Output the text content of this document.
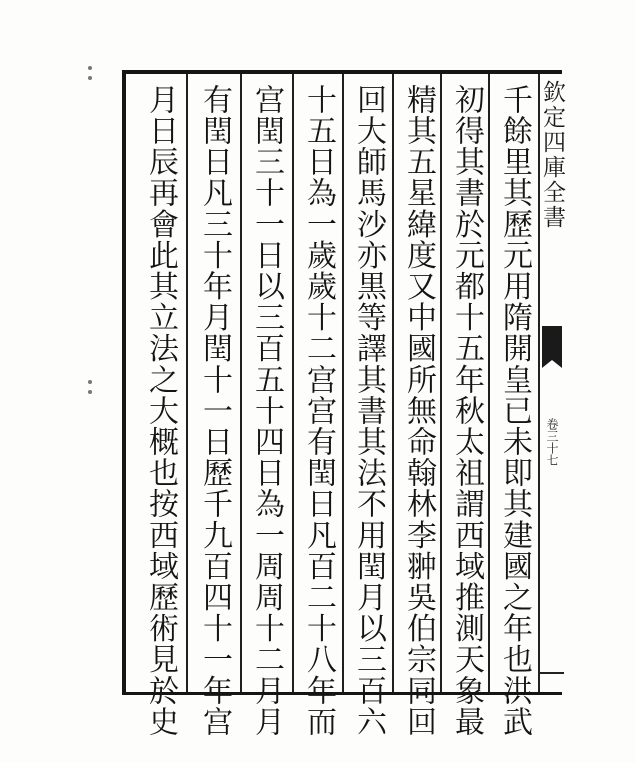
欽定四庫全書
卷三十七
千餘里其歷元用隋開皇已未即其建國之年也洪武
初得其書於元都十五年秋太祖謂西域推測天象最
精其五星緯度又中國所無命翰林李翀吳伯宗同回
回大師馬沙亦黒等譯其書其法不用閏月以三百六
十五日為一歲歲十二宫宫有閏日凡百二十八年而
宫閏三十一日以三百五十四日為一周周十二月月
有閏日凡三十年月閏十一日歷千九百四十一年宫
月日辰再會此其立法之大概也按西域歷術見於史
